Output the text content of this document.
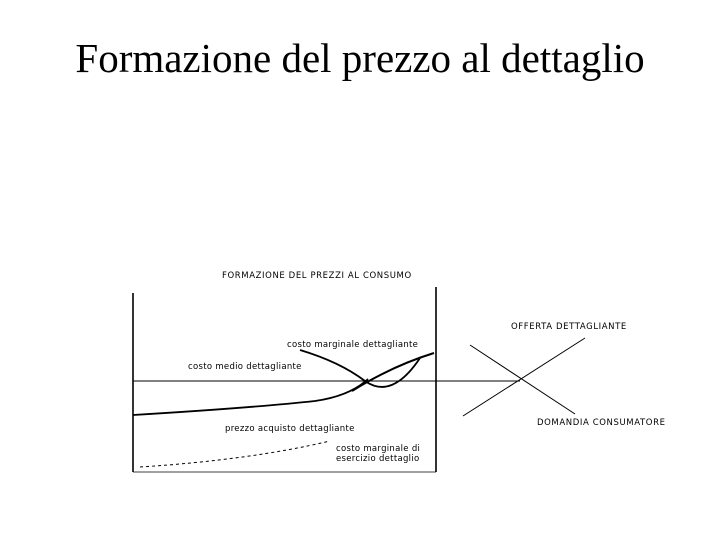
Formazione del prezzo al dettaglio
FORMAZIONE DEL PREZZI AL CONSUMO
costo marginale dettagliante
costo medio dettagliante
prezzo acquisto dettagliante
costo marginale di
esercizio dettaglio
OFFERTA DETTAGLIANTE
DOMANDIA CONSUMATORE
